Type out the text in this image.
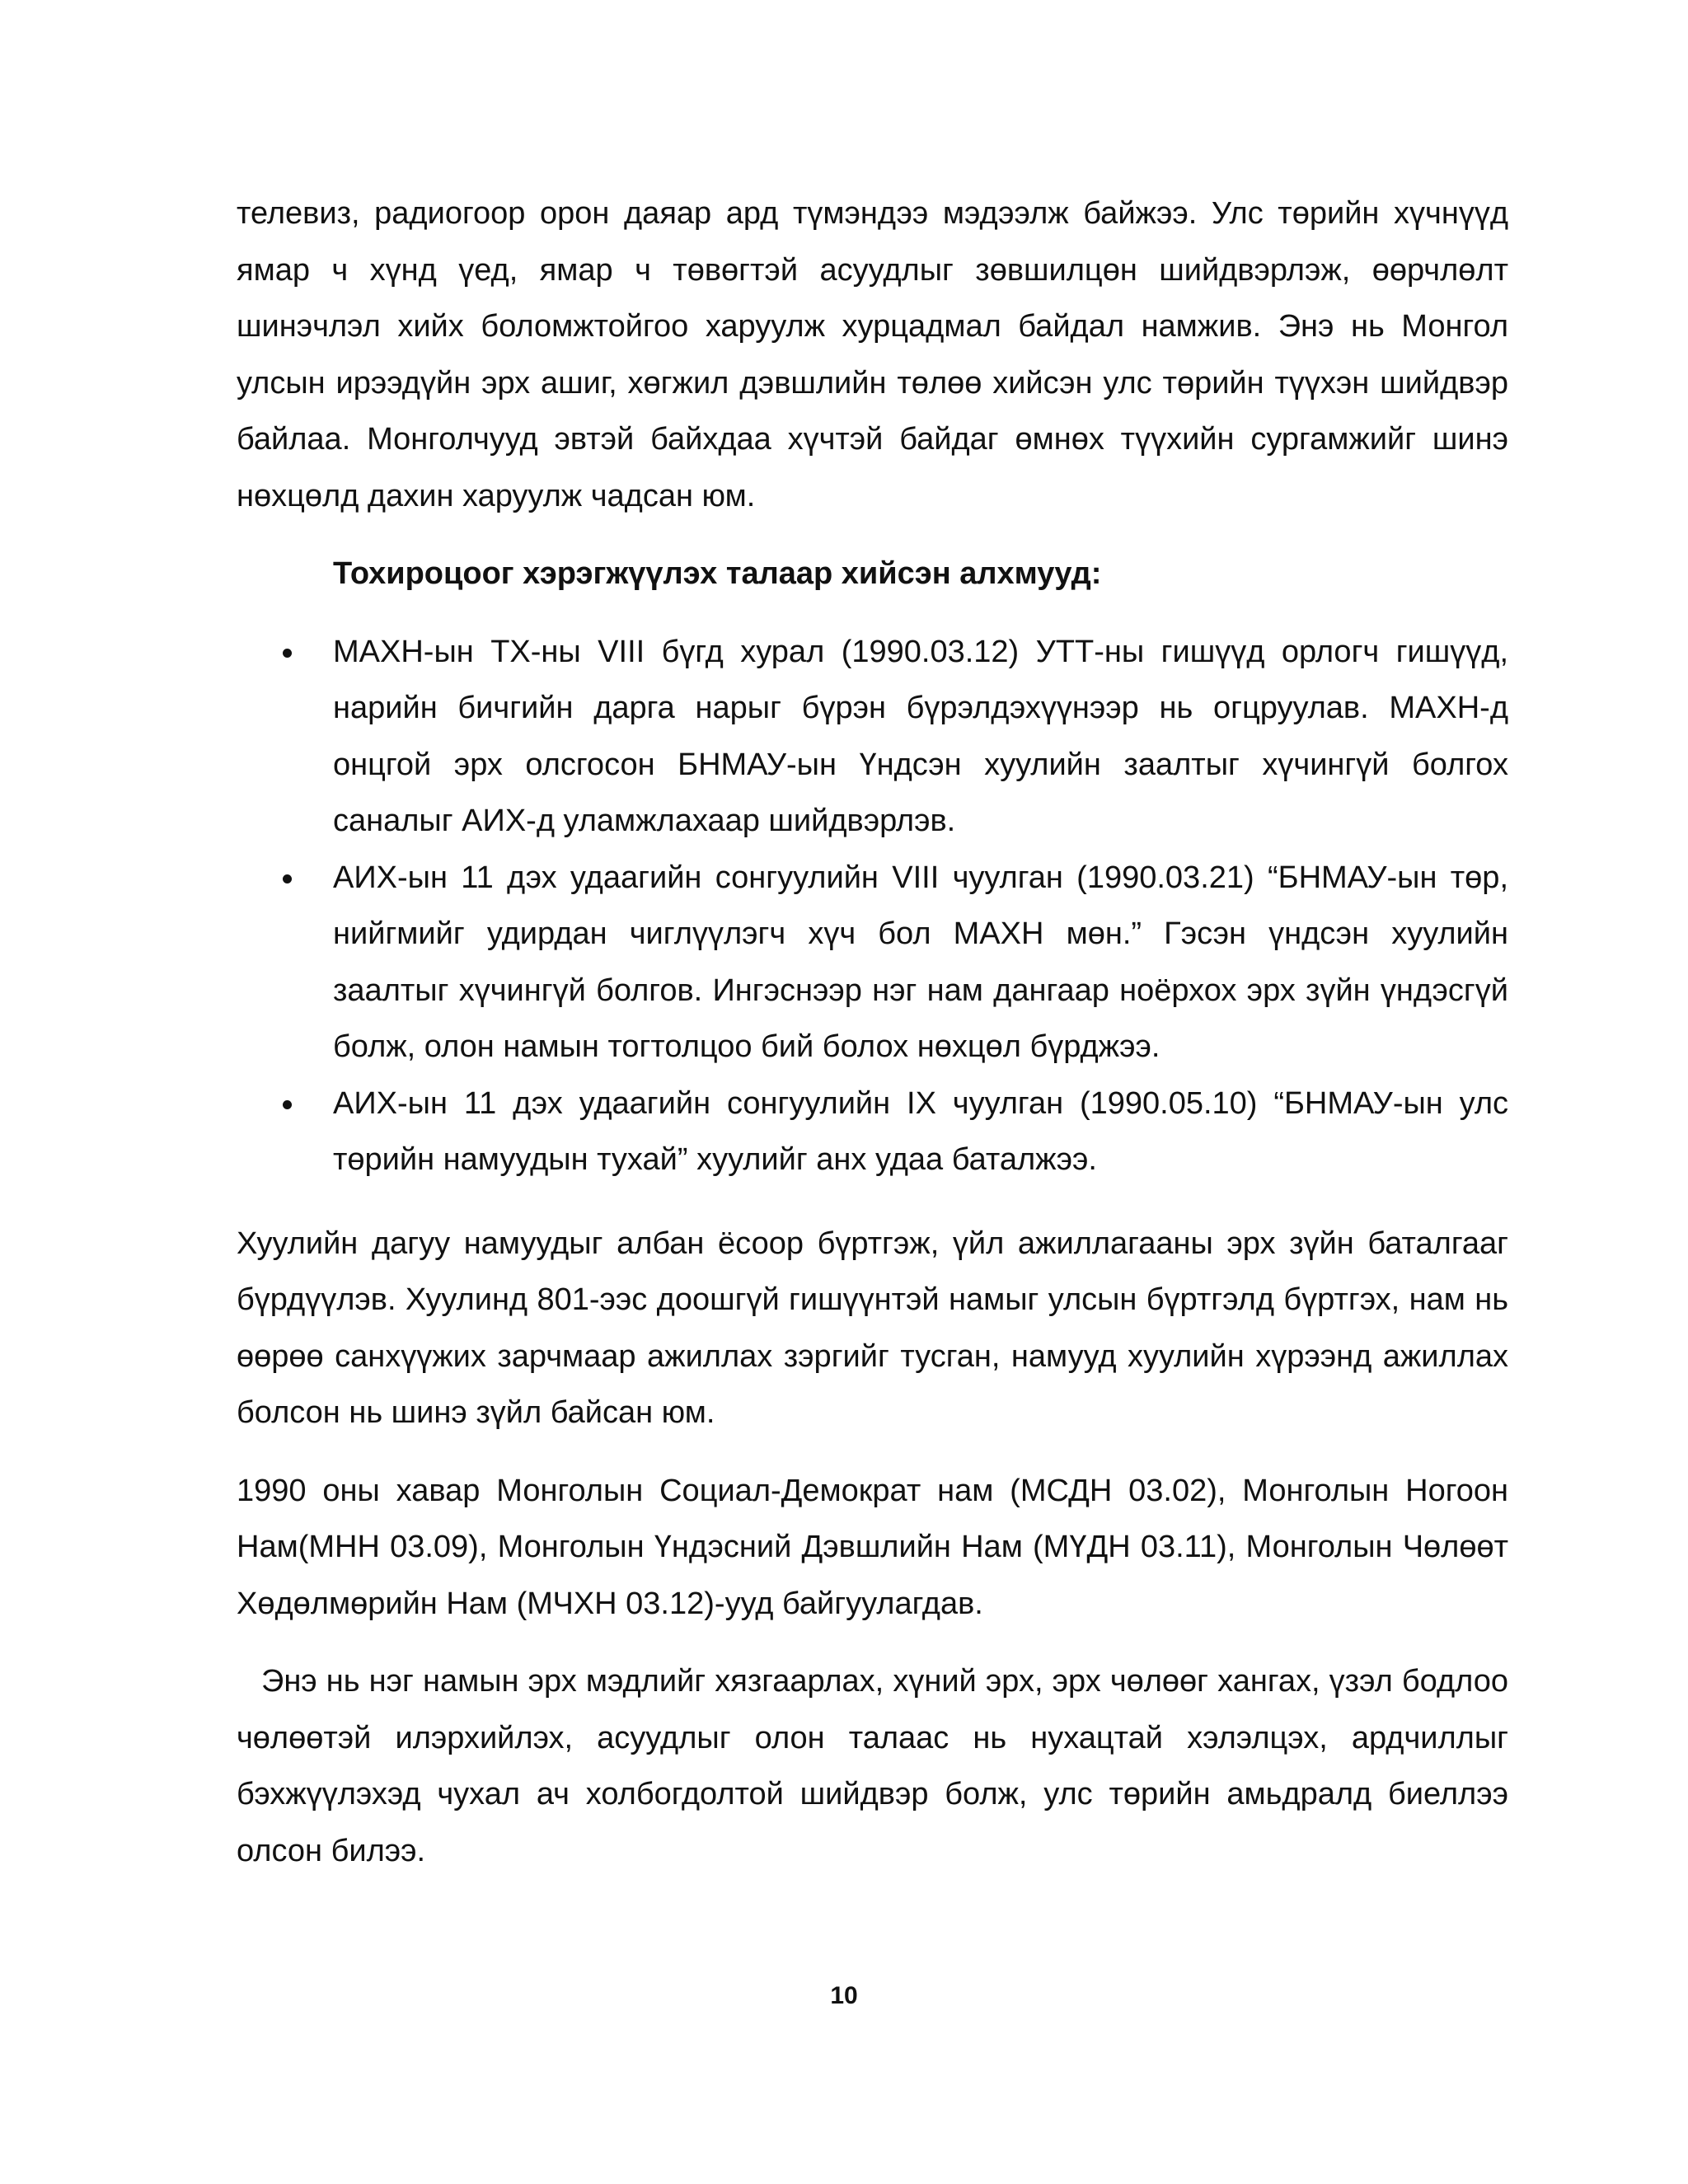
телевиз, радиогоор орон даяар ард түмэндээ мэдээлж байжээ. Улс төрийн хүчнүүд ямар ч хүнд үед, ямар ч төвөгтэй асуудлыг зөвшилцөн шийдвэрлэж, өөрчлөлт шинэчлэл хийх боломжтойгоо харуулж хурцадмал байдал намжив. Энэ нь Монгол улсын ирээдүйн эрх ашиг, хөгжил дэвшлийн төлөө хийсэн улс төрийн түүхэн шийдвэр байлаа. Монголчууд эвтэй байхдаа хүчтэй байдаг өмнөх түүхийн сургамжийг шинэ нөхцөлд дахин харуулж чадсан юм.

Тохироцоог хэрэгжүүлэх талаар хийсэн алхмууд:

МАХН-ын ТХ-ны VIII бүгд хурал (1990.03.12) УТТ-ны гишүүд орлогч гишүүд, нарийн бичгийн дарга нарыг бүрэн бүрэлдэхүүнээр нь огцруулав. МАХН-д онцгой эрх олсгосон БНМАУ-ын Үндсэн хуулийн заалтыг хүчингүй болгох саналыг АИХ-д уламжлахаар шийдвэрлэв.
АИХ-ын 11 дэх удаагийн сонгуулийн VIII чуулган (1990.03.21) “БНМАУ-ын төр, нийгмийг удирдан чиглүүлэгч хүч бол МАХН мөн.” Гэсэн үндсэн хуулийн заалтыг хүчингүй болгов. Ингэснээр нэг нам дангаар ноёрхох эрх зүйн үндэсгүй болж, олон намын тогтолцоо бий болох нөхцөл бүрджээ.
АИХ-ын 11 дэх удаагийн сонгуулийн IX чуулган (1990.05.10) “БНМАУ-ын улс төрийн намуудын тухай” хуулийг анх удаа баталжээ.

Хуулийн дагуу намуудыг албан ёсоор бүртгэж, үйл ажиллагааны эрх зүйн баталгааг бүрдүүлэв. Хуулинд 801-ээс доошгүй гишүүнтэй намыг улсын бүртгэлд бүртгэх, нам нь өөрөө санхүүжих зарчмаар ажиллах зэргийг тусган, намууд хуулийн хүрээнд ажиллах болсон нь шинэ зүйл байсан юм.

1990 оны хавар Монголын Социал-Демократ нам (МСДН 03.02), Монголын Ногоон Нам(МНН 03.09), Монголын Үндэсний Дэвшлийн Нам (МҮДН 03.11), Монголын Чөлөөт Хөдөлмөрийн Нам (МЧХН 03.12)-ууд байгуулагдав.

Энэ нь нэг намын эрх мэдлийг хязгаарлах, хүний эрх, эрх чөлөөг хангах, үзэл бодлоо чөлөөтэй илэрхийлэх, асуудлыг олон талаас нь нухацтай хэлэлцэх, ардчиллыг бэхжүүлэхэд чухал ач холбогдолтой шийдвэр болж, улс төрийн амьдралд биеллээ олсон билээ.

10
